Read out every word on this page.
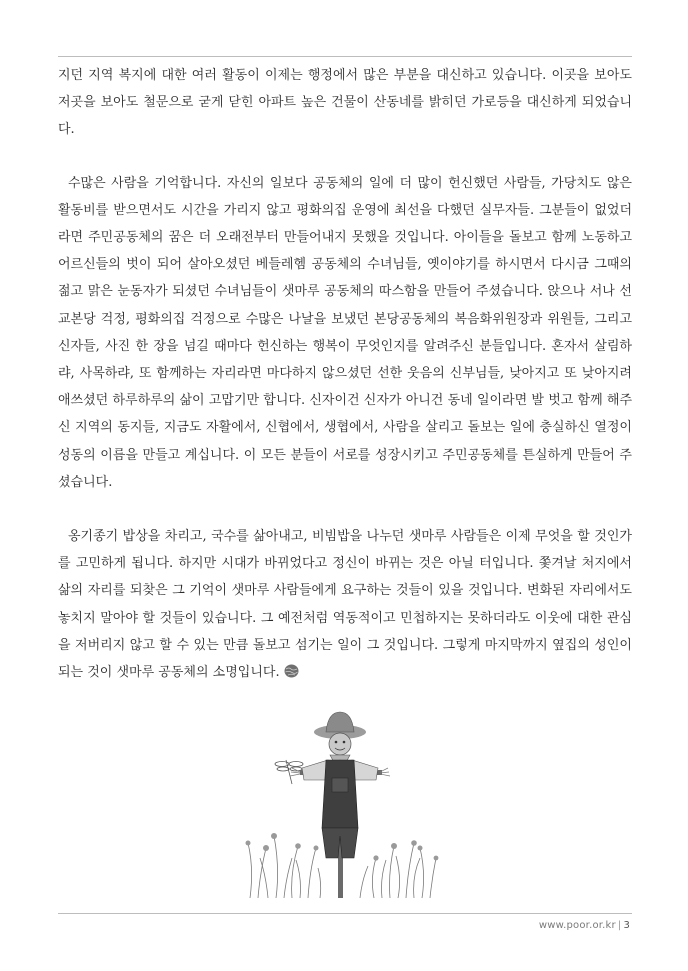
지던 지역 복지에 대한 여러 활동이 이제는 행정에서 많은 부분을 대신하고 있습니다. 이곳을 보아도 저곳을 보아도 철문으로 굳게 닫힌 아파트 높은 건물이 산동네를 밝히던 가로등을 대신하게 되었습니다.

수많은 사람을 기억합니다. 자신의 일보다 공동체의 일에 더 많이 헌신했던 사람들, 가당치도 않은 활동비를 받으면서도 시간을 가리지 않고 평화의집 운영에 최선을 다했던 실무자들. 그분들이 없었더라면 주민공동체의 꿈은 더 오래전부터 만들어내지 못했을 것입니다. 아이들을 돌보고 함께 노동하고 어르신들의 벗이 되어 살아오셨던 베들레헴 공동체의 수녀님들, 옛이야기를 하시면서 다시금 그때의 젊고 맑은 눈동자가 되셨던 수녀님들이 샛마루 공동체의 따스함을 만들어 주셨습니다. 앉으나 서나 선교본당 걱정, 평화의집 걱정으로 수많은 나날을 보냈던 본당공동체의 복음화위원장과 위원들, 그리고 신자들, 사진 한 장을 넘길 때마다 헌신하는 행복이 무엇인지를 알려주신 분들입니다. 혼자서 살림하랴, 사목하랴, 또 함께하는 자리라면 마다하지 않으셨던 선한 웃음의 신부님들, 낮아지고 또 낮아지려 애쓰셨던 하루하루의 삶이 고맙기만 합니다. 신자이건 신자가 아니건 동네 일이라면 발 벗고 함께 해주신 지역의 동지들, 지금도 자활에서, 신협에서, 생협에서, 사람을 살리고 돌보는 일에 충실하신 열정이 성동의 이름을 만들고 계십니다. 이 모든 분들이 서로를 성장시키고 주민공동체를 튼실하게 만들어 주셨습니다.

옹기종기 밥상을 차리고, 국수를 삶아내고, 비빔밥을 나누던 샛마루 사람들은 이제 무엇을 할 것인가를 고민하게 됩니다. 하지만 시대가 바뀌었다고 정신이 바뀌는 것은 아닐 터입니다. 쫓겨날 처지에서 삶의 자리를 되찾은 그 기억이 샛마루 사람들에게 요구하는 것들이 있을 것입니다. 변화된 자리에서도 놓치지 말아야 할 것들이 있습니다. 그 예전처럼 역동적이고 민첩하지는 못하더라도 이웃에 대한 관심을 저버리지 않고 할 수 있는 만큼 돌보고 섬기는 일이 그 것입니다. 그렇게 마지막까지 옆집의 성인이 되는 것이 샛마루 공동체의 소명입니다.

www.poor.or.kr | 3
